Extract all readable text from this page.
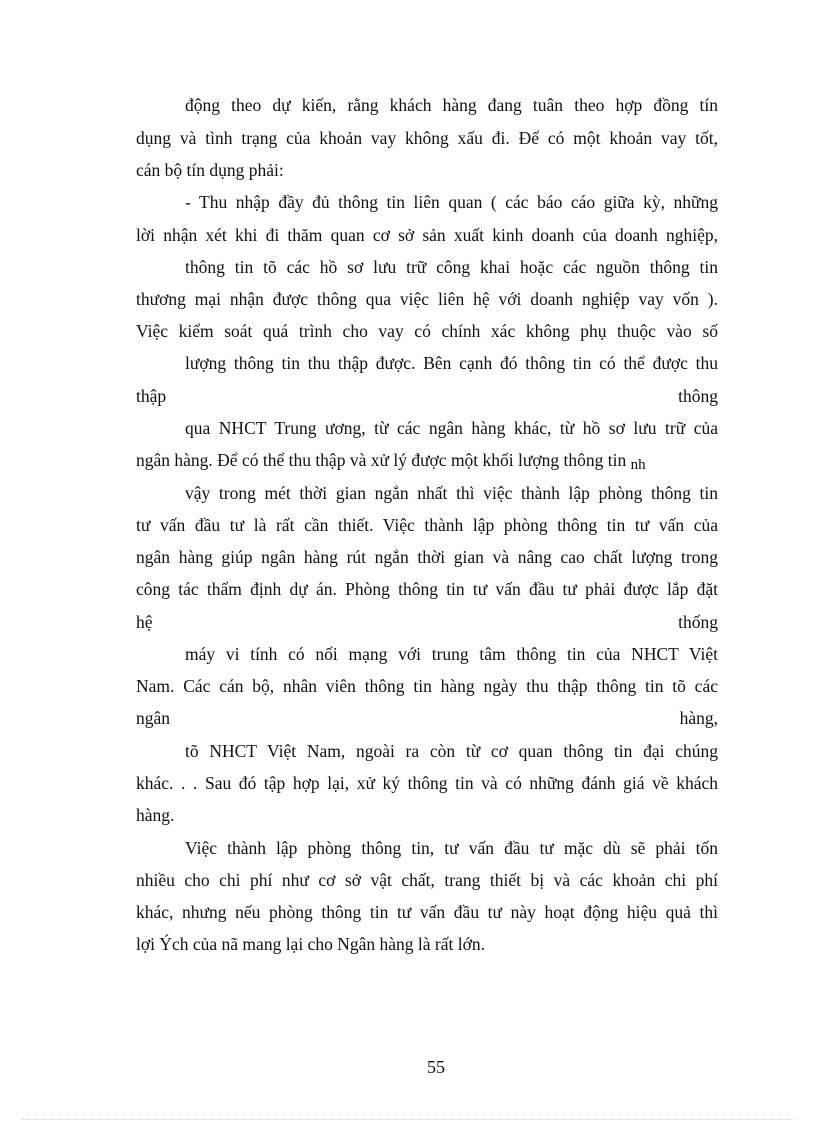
động theo dự kiến, rằng khách hàng đang tuân theo hợp đồng tín
dụng và tình trạng của khoản vay không xấu đi. Để có một khoản vay tốt,
cán bộ tín dụng phải:
- Thu nhập đầy đủ thông tin liên quan ( các báo cáo giữa kỳ, những
lời nhận xét khi đi thăm quan cơ sở sản xuất kinh doanh của doanh nghiệp,
thông tin tõ các hồ sơ lưu trữ công khai hoặc các nguồn thông tin
thương mại nhận được thông qua việc liên hệ với doanh nghiệp vay vốn ).
Việc kiểm soát quá trình cho vay có chính xác không phụ thuộc vào số
lượng thông tin thu thập được. Bên cạnh đó thông tin có thể được thu
thập	thông
qua NHCT Trung ương, từ các ngân hàng khác, từ hồ sơ lưu trữ của
ngân hàng. Để có thể thu thập và xử lý được một khối lượng thông tin nh
vậy trong mét thời gian ngắn nhất thì việc thành lập phòng thông tin
tư vấn đầu tư là rất cần thiết. Việc thành lập phòng thông tin tư vấn của
ngân hàng giúp ngân hàng rút ngắn thời gian và nâng cao chất lượng trong
công tác thẩm định dự án. Phòng thông tin tư vấn đầu tư phải được lắp đặt
hệ	thống
máy vi tính có nối mạng với trung tâm thông tin của NHCT Việt
Nam. Các cán bộ, nhân viên thông tin hàng ngày thu thập thông tin tõ các
ngân	hàng,
tõ NHCT Việt Nam, ngoài ra còn từ cơ quan thông tin đại chúng
khác. . . Sau đó tập hợp lại, xử ký thông tin và có những đánh giá về khách
hàng.
Việc thành lập phòng thông tin, tư vấn đầu tư mặc dù sẽ phải tốn
nhiều cho chi phí như cơ sở vật chất, trang thiết bị và các khoản chi phí
khác, nhưng nếu phòng thông tin tư vấn đầu tư này hoạt động hiệu quả thì
lợi Ých của nã mang lại cho Ngân hàng là rất lớn.
55
